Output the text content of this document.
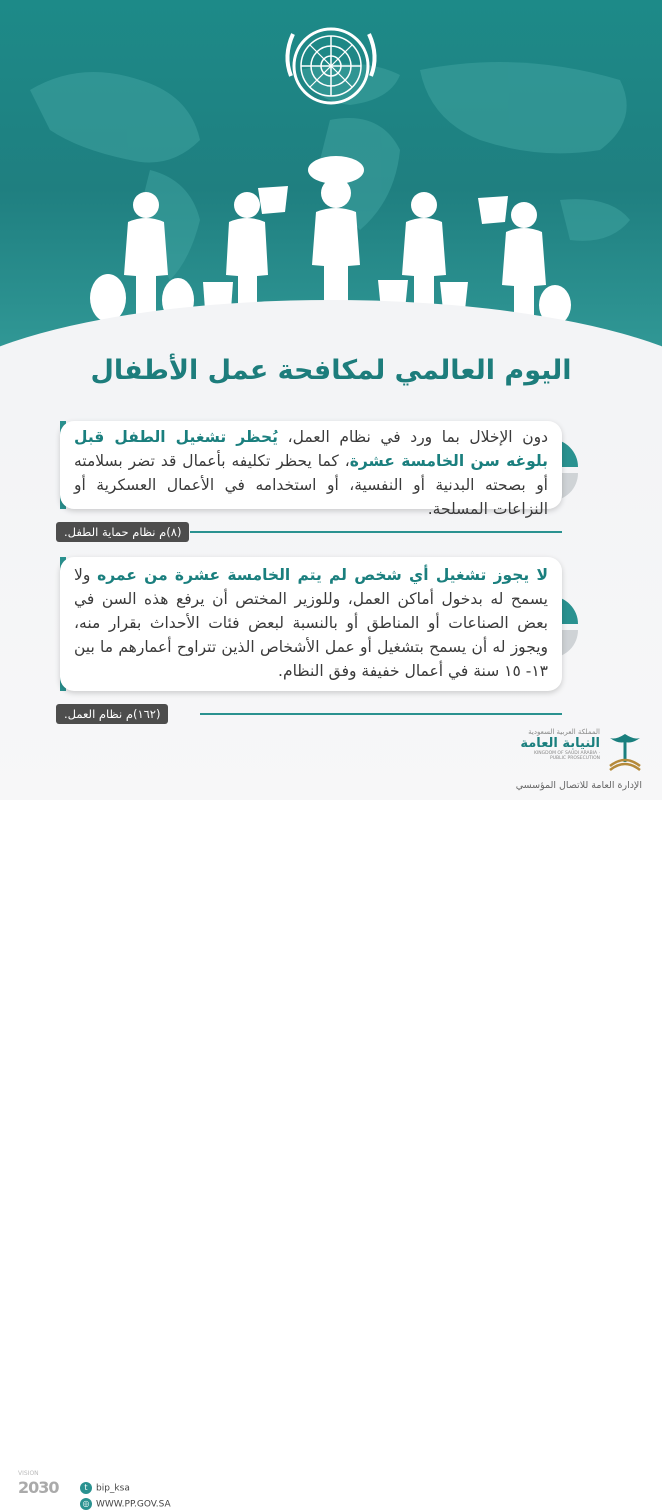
اليوم العالمي لمكافحة عمل الأطفال
دون الإخلال بما ورد في نظام العمل، يُحظر تشغيل الطفل قبل بلوغه سن الخامسة عشرة، كما يحظر تكليفه بأعمال قد تضر بسلامته أو بصحته البدنية أو النفسية، أو استخدامه في الأعمال العسكرية أو النزاعات المسلحة.
(٨)م نظام حماية الطفل.
لا يجوز تشغيل أي شخص لم يتم الخامسة عشرة من عمره ولا يسمح له بدخول أماكن العمل، وللوزير المختص أن يرفع هذه السن في بعض الصناعات أو المناطق أو بالنسبة لبعض فئات الأحداث بقرار منه، ويجوز له أن يسمح بتشغيل أو عمل الأشخاص الذين تتراوح أعمارهم ما بين ١٣- ١٥ سنة في أعمال خفيفة وفق النظام.
(١٦٢)م نظام العمل.
VISION
2030	t bip_ksa
◎ WWW.PP.GOV.SA
المملكة العربية السعودية
النيابة العامة
KINGDOM OF SAUDI ARABIA · PUBLIC PROSECUTION
الإدارة العامة للاتصال المؤسسي
